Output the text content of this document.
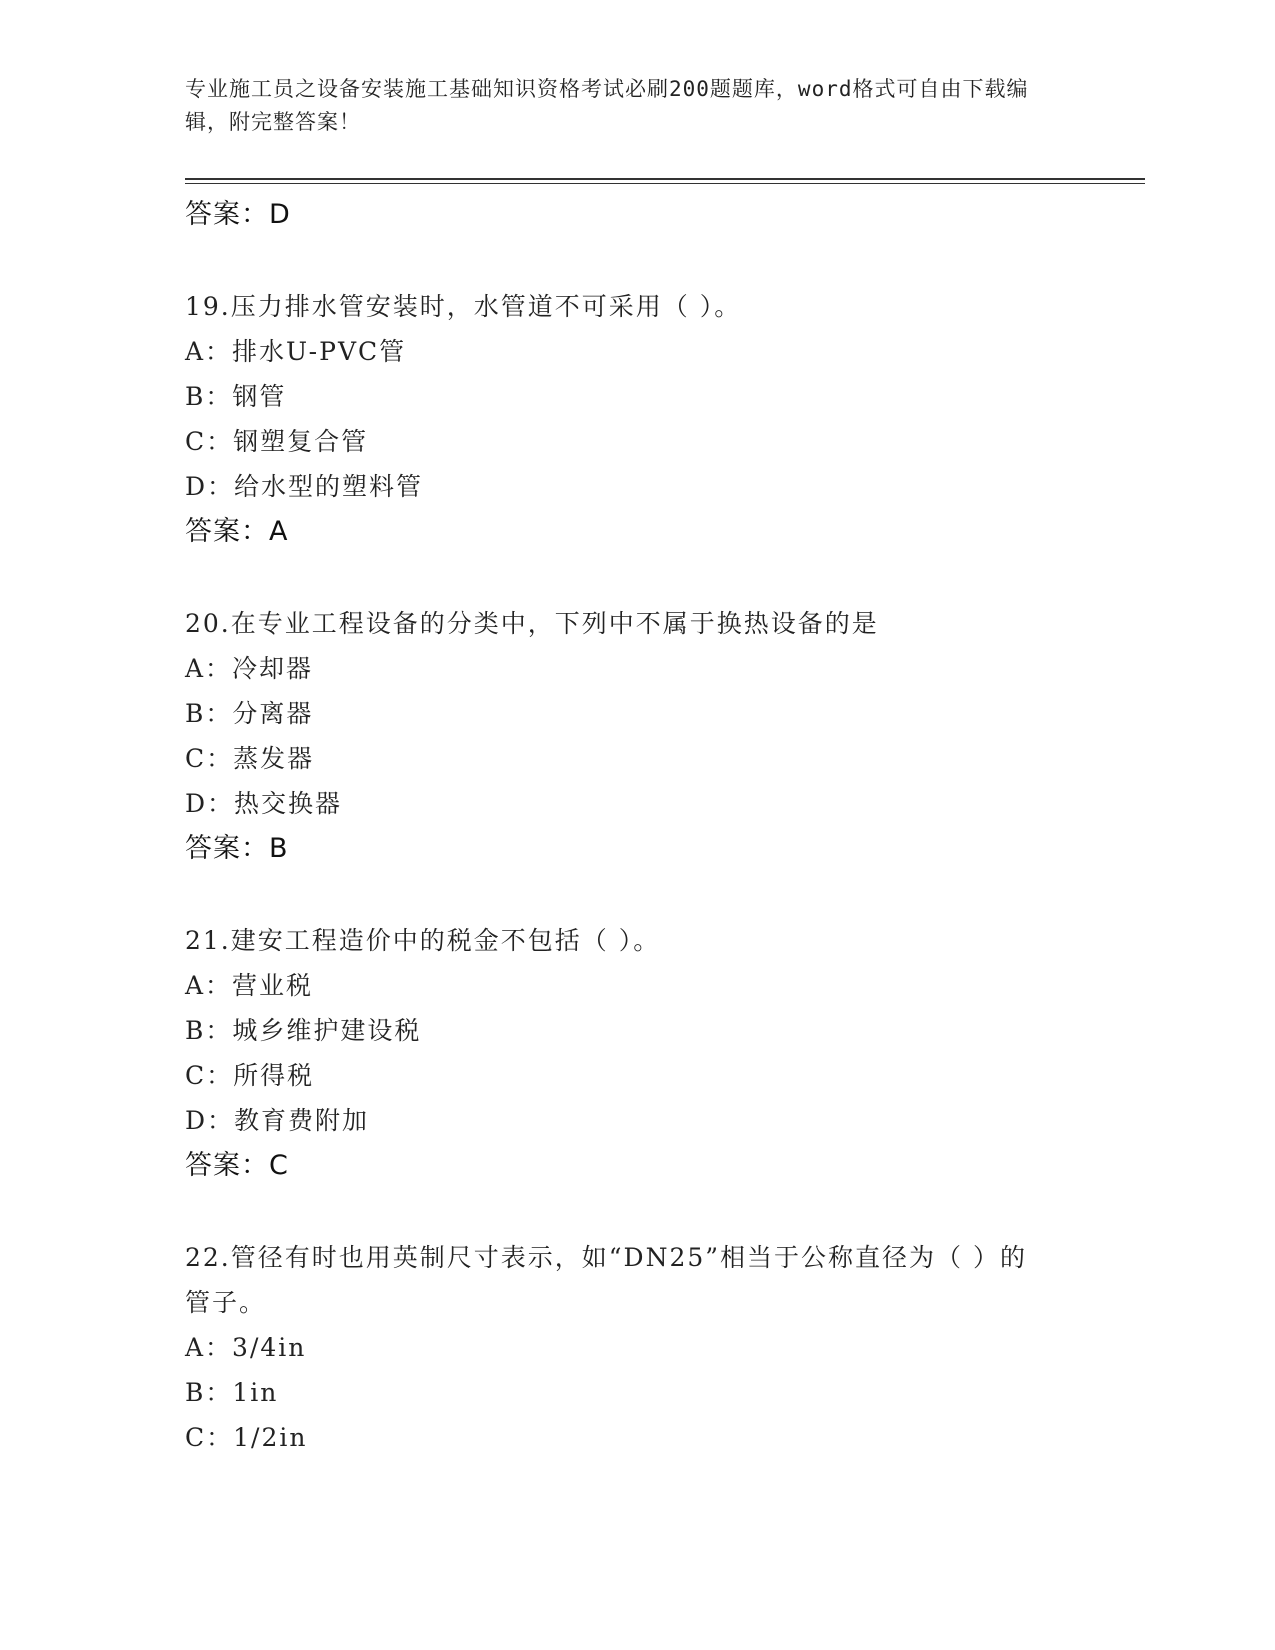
专业施工员之设备安装施工基础知识资格考试必刷200题题库，word格式可自由下载编辑，附完整答案！
答案：D
19.压力排水管安装时，水管道不可采用（ ）。
A：排水U-PVC管
B：钢管
C：钢塑复合管
D：给水型的塑料管
答案：A
20.在专业工程设备的分类中，下列中不属于换热设备的是
A：冷却器
B：分离器
C：蒸发器
D：热交换器
答案：B
21.建安工程造价中的税金不包括（ ）。
A：营业税
B：城乡维护建设税
C：所得税
D：教育费附加
答案：C
22.管径有时也用英制尺寸表示，如“DN25”相当于公称直径为（ ）的管子。
A：3/4in
B：1in
C：1/2in
